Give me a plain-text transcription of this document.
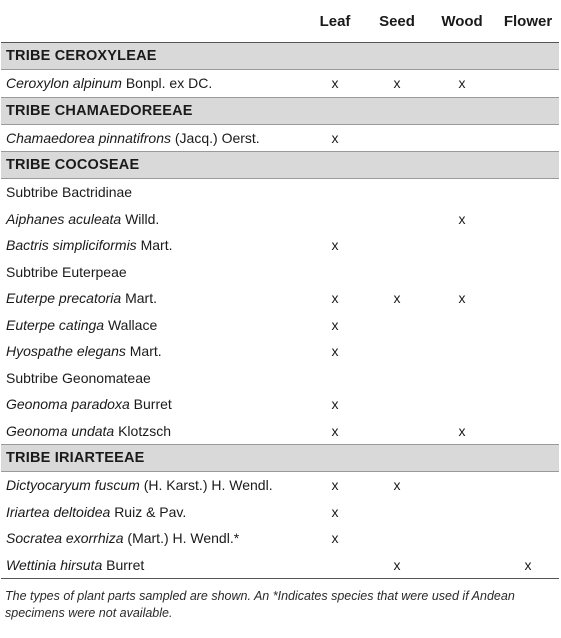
	Leaf	Seed	Wood	Flower
TRIBE CEROXYLEAE				
Ceroxylon alpinum Bonpl. ex DC.	x	x	x	
TRIBE CHAMAEDOREEAE				
Chamaedorea pinnatifrons (Jacq.) Oerst.	x			
TRIBE COCOSEAE				
Subtribe Bactridinae				
Aiphanes aculeata Willd.			x	
Bactris simpliciformis Mart.	x			
Subtribe Euterpeae				
Euterpe precatoria Mart.	x	x	x	
Euterpe catinga Wallace	x			
Hyospathe elegans Mart.	x			
Subtribe Geonomateae				
Geonoma paradoxa Burret	x			
Geonoma undata Klotzsch	x		x	
TRIBE IRIARTEEAE				
Dictyocaryum fuscum (H. Karst.) H. Wendl.	x	x		
Iriartea deltoidea Ruiz & Pav.	x			
Socratea exorrhiza (Mart.) H. Wendl.*	x			
Wettinia hirsuta Burret		x		x
The types of plant parts sampled are shown. An *Indicates species that were used if Andean specimens were not available.
